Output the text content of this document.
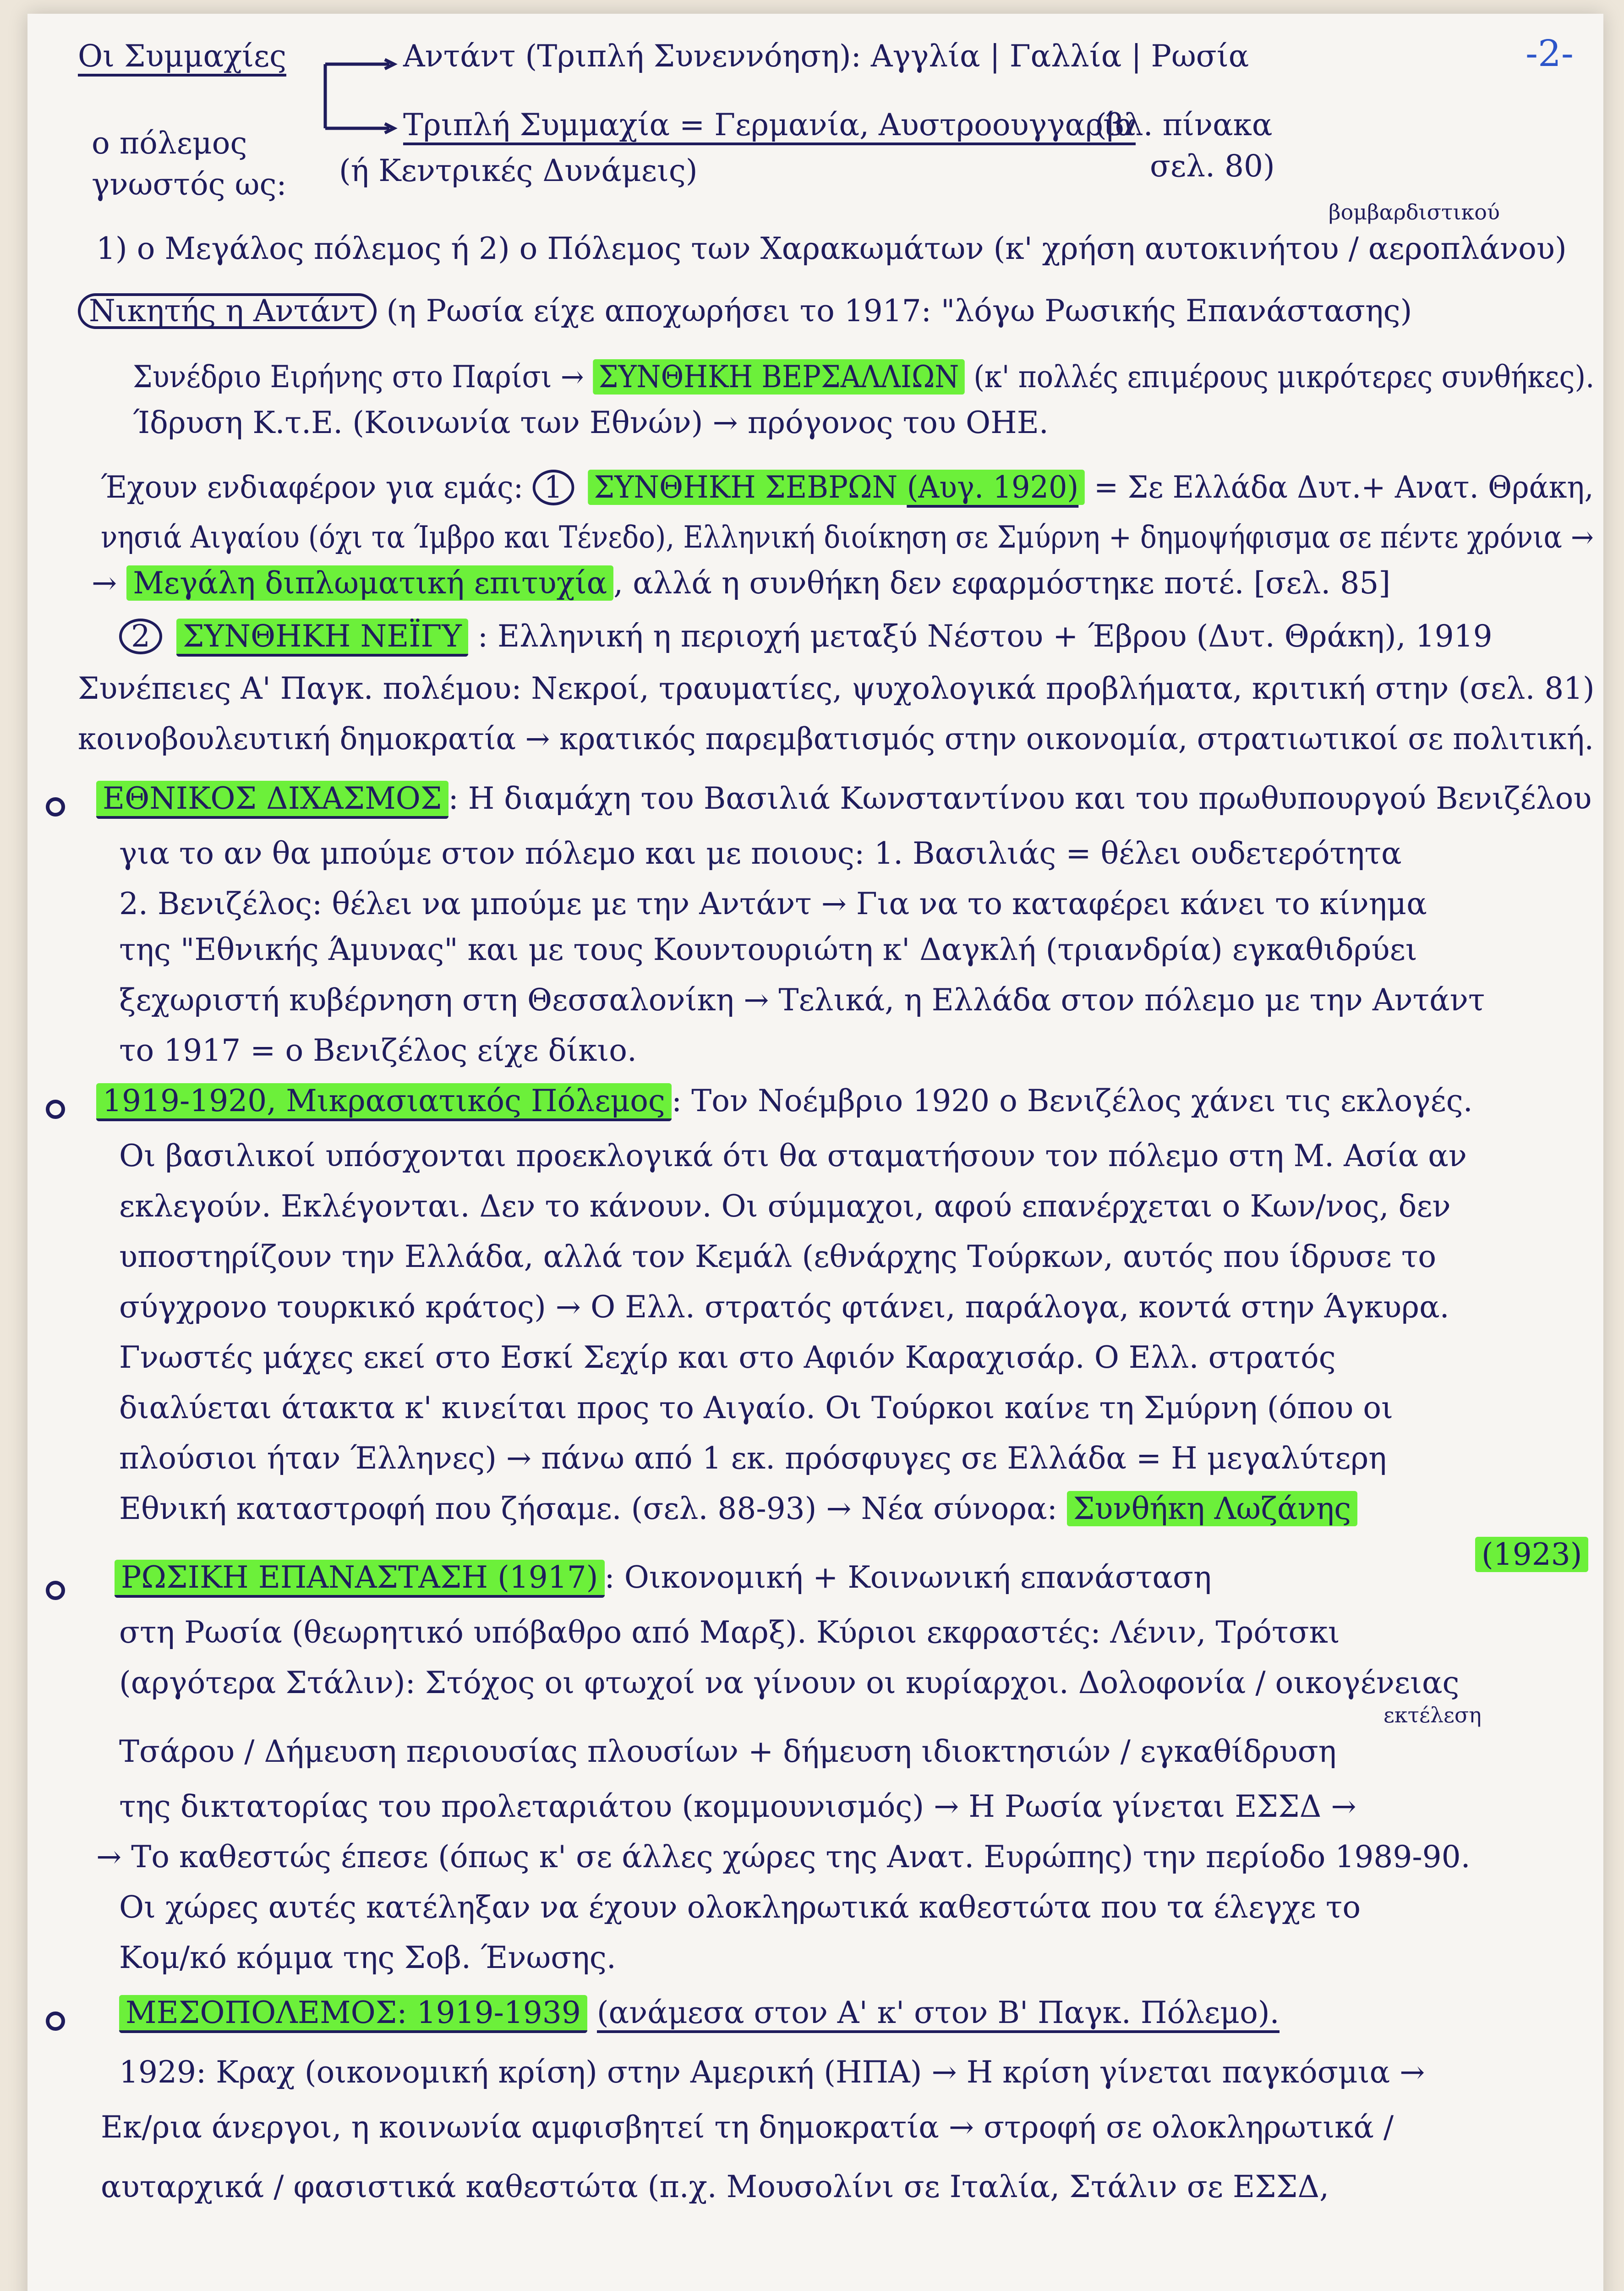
-2-
Οι Συμμαχίες	Αντάντ (Τριπλή Συνεννόηση): Αγγλία | Γαλλία | Ρωσία
Τριπλή Συμμαχία = Γερμανία, Αυστροουγγαρία
(βλ. πίνακα
ο πόλεμος
(ή Κεντρικές Δυνάμεις)	σελ. 80)
γνωστός ως:
βομβαρδιστικού
1) ο Μεγάλος πόλεμος ή 2) ο Πόλεμος των Χαρακωμάτων (κ' χρήση αυτοκινήτου / αεροπλάνου)
Νικητής η Αντάντ (η Ρωσία είχε αποχωρήσει το 1917: "λόγω Ρωσικής Επανάστασης)
Συνέδριο Ειρήνης στο Παρίσι → ΣΥΝΘΗΚΗ ΒΕΡΣΑΛΛΙΩΝ (κ' πολλές επιμέρους μικρότερες συνθήκες).
Ίδρυση Κ.τ.Ε. (Κοινωνία των Εθνών) → πρόγονος του ΟΗΕ.
Έχουν ενδιαφέρον για εμάς: 1 ΣΥΝΘΗΚΗ ΣΕΒΡΩΝ (Αυγ. 1920) = Σε Ελλάδα Δυτ.+ Ανατ. Θράκη,
νησιά Αιγαίου (όχι τα Ίμβρο και Τένεδο), Ελληνική διοίκηση σε Σμύρνη + δημοψήφισμα σε πέντε χρόνια →
→ Μεγάλη διπλωματική επιτυχία , αλλά η συνθήκη δεν εφαρμόστηκε ποτέ. [σελ. 85]
2 ΣΥΝΘΗΚΗ ΝΕΪΓΥ : Ελληνική η περιοχή μεταξύ Νέστου + Έβρου (Δυτ. Θράκη), 1919
Συνέπειες Α' Παγκ. πολέμου: Νεκροί, τραυματίες, ψυχολογικά προβλήματα, κριτική στην (σελ. 81)
κοινοβουλευτική δημοκρατία → κρατικός παρεμβατισμός στην οικονομία, στρατιωτικοί σε πολιτική.
ΕΘΝΙΚΟΣ ΔΙΧΑΣΜΟΣ : Η διαμάχη του Βασιλιά Κωνσταντίνου και του πρωθυπουργού Βενιζέλου
για το αν θα μπούμε στον πόλεμο και με ποιους: 1. Βασιλιάς = θέλει ουδετερότητα
2. Βενιζέλος: θέλει να μπούμε με την Αντάντ → Για να το καταφέρει κάνει το κίνημα
της "Εθνικής Άμυνας" και με τους Κουντουριώτη κ' Δαγκλή (τριανδρία) εγκαθιδρύει
ξεχωριστή κυβέρνηση στη Θεσσαλονίκη → Τελικά, η Ελλάδα στον πόλεμο με την Αντάντ
το 1917 = ο Βενιζέλος είχε δίκιο.
1919-1920, Μικρασιατικός Πόλεμος : Τον Νοέμβριο 1920 ο Βενιζέλος χάνει τις εκλογές.
Οι βασιλικοί υπόσχονται προεκλογικά ότι θα σταματήσουν τον πόλεμο στη Μ. Ασία αν
εκλεγούν. Εκλέγονται. Δεν το κάνουν. Οι σύμμαχοι, αφού επανέρχεται ο Κων/νος, δεν
υποστηρίζουν την Ελλάδα, αλλά τον Κεμάλ (εθνάρχης Τούρκων, αυτός που ίδρυσε το
σύγχρονο τουρκικό κράτος) → Ο Ελλ. στρατός φτάνει, παράλογα, κοντά στην Άγκυρα.
Γνωστές μάχες εκεί στο Εσκί Σεχίρ και στο Αφιόν Καραχισάρ. Ο Ελλ. στρατός
διαλύεται άτακτα κ' κινείται προς το Αιγαίο. Οι Τούρκοι καίνε τη Σμύρνη (όπου οι
πλούσιοι ήταν Έλληνες) → πάνω από 1 εκ. πρόσφυγες σε Ελλάδα = Η μεγαλύτερη
Εθνική καταστροφή που ζήσαμε. (σελ. 88-93) → Νέα σύνορα: Συνθήκη Λωζάνης
(1923)
ΡΩΣΙΚΗ ΕΠΑΝΑΣΤΑΣΗ (1917) : Οικονομική + Κοινωνική επανάσταση
στη Ρωσία (θεωρητικό υπόβαθρο από Μαρξ). Κύριοι εκφραστές: Λένιν, Τρότσκι
(αργότερα Στάλιν): Στόχος οι φτωχοί να γίνουν οι κυρίαρχοι. Δολοφονία / οικογένειας
εκτέλεση
Τσάρου / Δήμευση περιουσίας πλουσίων + δήμευση ιδιοκτησιών / εγκαθίδρυση
της δικτατορίας του προλεταριάτου (κομμουνισμός) → Η Ρωσία γίνεται ΕΣΣΔ →
→ Το καθεστώς έπεσε (όπως κ' σε άλλες χώρες της Ανατ. Ευρώπης) την περίοδο 1989-90.
Οι χώρες αυτές κατέληξαν να έχουν ολοκληρωτικά καθεστώτα που τα έλεγχε το
Κομ/κό κόμμα της Σοβ. Ένωσης.
ΜΕΣΟΠΟΛΕΜΟΣ: 1919-1939 (ανάμεσα στον Α' κ' στον Β' Παγκ. Πόλεμο).
1929: Κραχ (οικονομική κρίση) στην Αμερική (ΗΠΑ) → Η κρίση γίνεται παγκόσμια →
Εκ/ρια άνεργοι, η κοινωνία αμφισβητεί τη δημοκρατία → στροφή σε ολοκληρωτικά /
αυταρχικά / φασιστικά καθεστώτα (π.χ. Μουσολίνι σε Ιταλία, Στάλιν σε ΕΣΣΔ,
